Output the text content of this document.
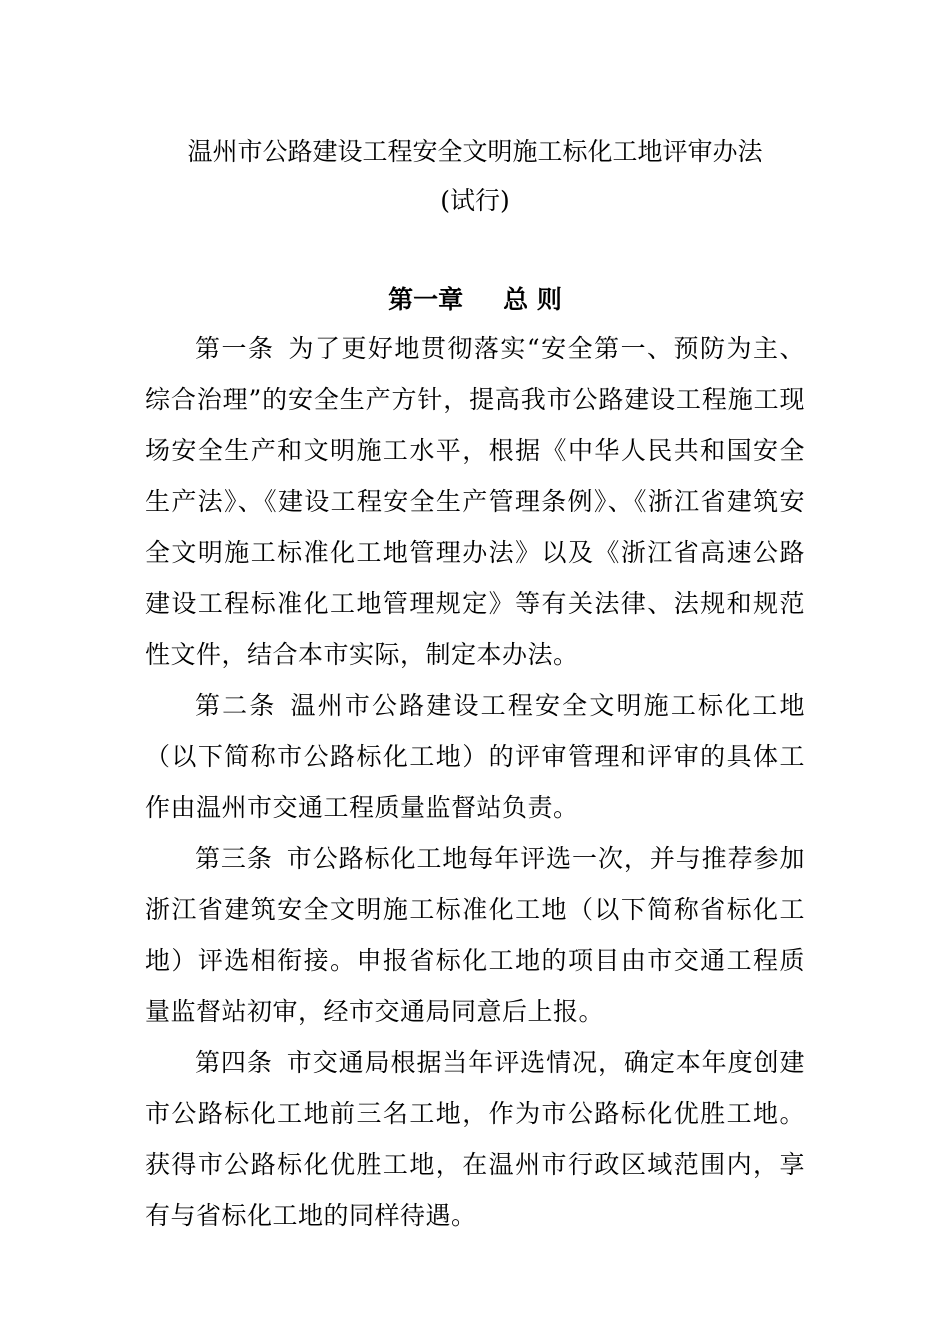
温州市公路建设工程安全文明施工标化工地评审办法
(试行)
第一章 总 则

第一条 为了更好地贯彻落实“安全第一、预防为主、综合治理”的安全生产方针，提高我市公路建设工程施工现场安全生产和文明施工水平，根据《中华人民共和国安全生产法》、《建设工程安全生产管理条例》、《浙江省建筑安全文明施工标准化工地管理办法》以及《浙江省高速公路建设工程标准化工地管理规定》等有关法律、法规和规范性文件，结合本市实际，制定本办法。

第二条 温州市公路建设工程安全文明施工标化工地（以下简称市公路标化工地）的评审管理和评审的具体工作由温州市交通工程质量监督站负责。

第三条 市公路标化工地每年评选一次，并与推荐参加浙江省建筑安全文明施工标准化工地（以下简称省标化工地）评选相衔接。申报省标化工地的项目由市交通工程质量监督站初审，经市交通局同意后上报。

第四条 市交通局根据当年评选情况，确定本年度创建市公路标化工地前三名工地，作为市公路标化优胜工地。获得市公路标化优胜工地，在温州市行政区域范围内，享有与省标化工地的同样待遇。
